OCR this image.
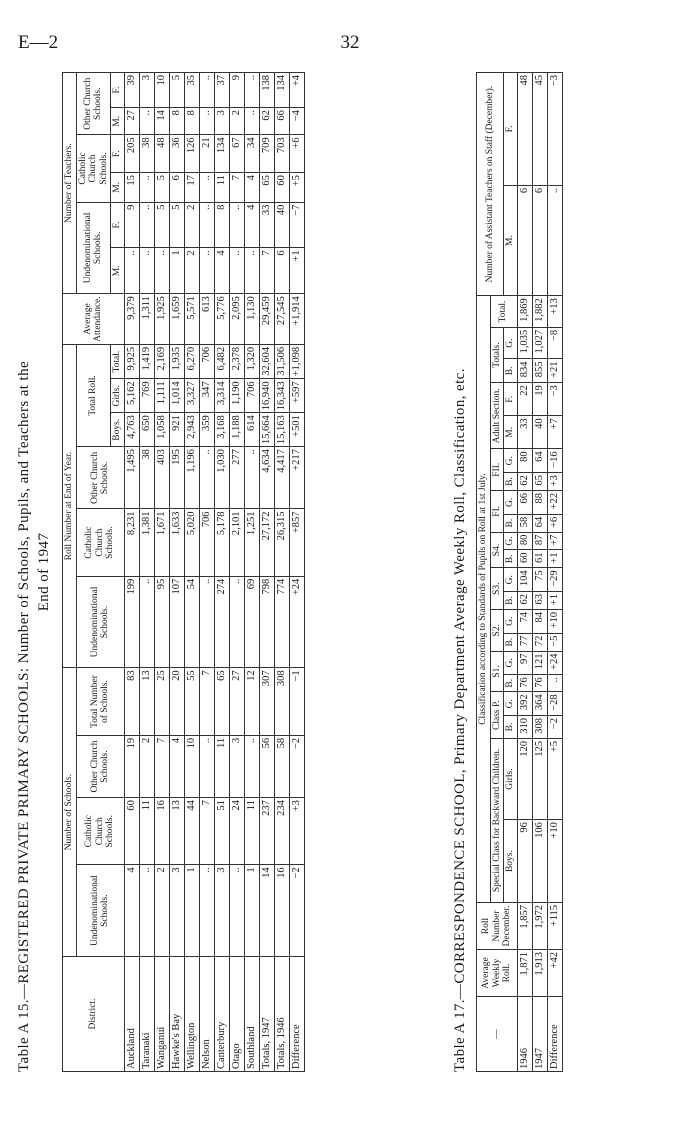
E—2	32
Table A 15.—REGISTERED PRIVATE PRIMARY SCHOOLS: Number of Schools, Pupils, and Teachers at the End of 1947
District.	Number of Schools.				Roll Number at End of Year.						Average Attendance.	Number of Teachers.					
	Undenominational Schools.	Catholic Church Schools.	Other Church Schools.	Total Number of Schools.	Undenominational Schools.	Catholic Church Schools.	Other Church Schools.	Total Roll.				Undenominational Schools.		Catholic Church Schools.		Other Church Schools.	
								Boys.	Girls.	Total.		M.	F.	M.	F.	M.	F.
Auckland	4	60	19	83	199	8,231	1,495	4,763	5,162	9,925	9,379	..	9	15	205	27	39
Taranaki	..	11	2	13	..	1,381	38	650	769	1,419	1,311	..	..	..	38	..	3
Wanganui	2	16	7	25	95	1,671	403	1,058	1,111	2,169	1,925	..	5	5	48	14	10
Hawke's Bay	3	13	4	20	107	1,633	195	921	1,014	1,935	1,659	1	5	6	36	8	5
Wellington	1	44	10	55	54	5,020	1,196	2,943	3,327	6,270	5,571	2	2	17	126	8	35
Nelson	..	7	..	7	..	706	..	359	347	706	613	..	..	..	21	..	..
Canterbury	3	51	11	65	274	5,178	1,030	3,168	3,314	6,482	5,776	4	8	11	134	3	37
Otago	..	24	3	27	..	2,101	277	1,188	1,190	2,378	2,095	..	..	7	67	2	9
Southland	1	11	..	12	69	1,251	..	614	706	1,320	1,130	..	4	4	34	..	..
Totals, 1947	14	237	56	307	798	27,172	4,634	15,664	16,940	32,604	29,459	7	33	65	709	62	138
Totals, 1946	16	234	58	308	774	26,315	4,417	15,163	16,343	31,506	27,545	6	40	60	703	66	134
Difference	−2	+3	−2	−1	+24	+857	+217	+501	+597	+1,098	+1,914	+1	−7	+5	+6	−4	+4
Table A 17.—CORRESPONDENCE SCHOOL, Primary Department Average Weekly Roll, Classification, etc. —	Average Weekly Roll.	Roll Number December.	Classification according to Standards of Pupils on Roll at 1st July.																					Number of Assistant Teachers on Staff (December).	
			Special Class for Backward Children.		Class P.		S1.		S2.		S3.		S4.		FI.		FII.		Adult Section.		Totals.		Total.		
			Boys.	Girls.	B.	G.	B.	G.	B.	G.	B.	G.	B.	G.	B.	G.	B.	G.	M.	F.	B.	G.		M.	F.
1946	1,871	1,857	96	120	310	392	76	97	77	74	62	104	60	80	58	66	62	80	33	22	834	1,035	1,869	6	48
1947	1,913	1,972	106	125	308	364	76	121	72	84	63	75	61	87	64	88	65	64	40	19	855	1,027	1,882	6	45
Difference	+42	+115	+10	+5	−2	−28	..	+24	−5	+10	+1	−29	+1	+7	+6	+22	+3	−16	+7	−3	+21	−8	+13	..	−3
